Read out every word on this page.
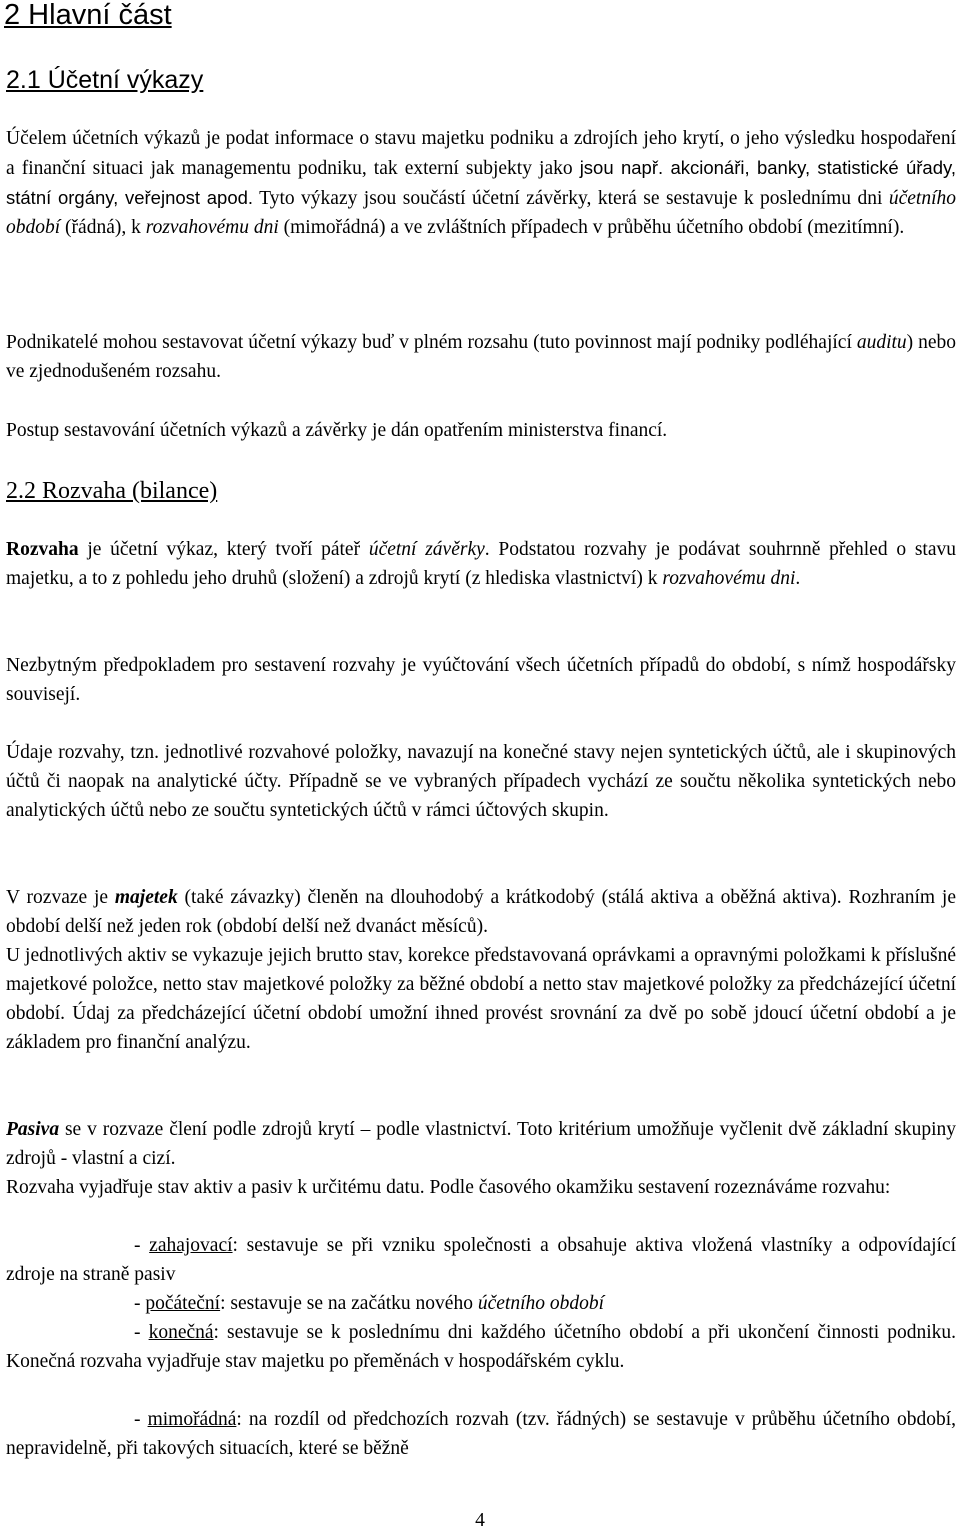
2 Hlavní část
2.1 Účetní výkazy
Účelem účetních výkazů je podat informace o stavu majetku podniku a zdrojích jeho krytí, o jeho výsledku hospodaření a finanční situaci jak managementu podniku, tak externí subjekty jako jsou např. akcionáři, banky, statistické úřady, státní orgány, veřejnost apod. Tyto výkazy jsou součástí účetní závěrky, která se sestavuje k poslednímu dni účetního období (řádná), k rozvahovému dni (mimořádná) a ve zvláštních případech v průběhu účetního období (mezitímní).
Podnikatelé mohou sestavovat účetní výkazy buď v plném rozsahu (tuto povinnost mají podniky podléhající auditu) nebo ve zjednodušeném rozsahu.
Postup sestavování účetních výkazů a závěrky je dán opatřením ministerstva financí.
2.2 Rozvaha (bilance)
Rozvaha je účetní výkaz, který tvoří páteř účetní závěrky. Podstatou rozvahy je podávat souhrnně přehled o stavu majetku, a to z pohledu jeho druhů (složení) a zdrojů krytí (z hlediska vlastnictví) k rozvahovému dni.
Nezbytným předpokladem pro sestavení rozvahy je vyúčtování všech účetních případů do období, s nímž hospodářsky souvisejí.
Údaje rozvahy, tzn. jednotlivé rozvahové položky, navazují na konečné stavy nejen syntetických účtů, ale i skupinových účtů či naopak na analytické účty. Případně se ve vybraných případech vychází ze součtu několika syntetických nebo analytických účtů nebo ze součtu syntetických účtů v rámci účtových skupin.
V rozvaze je majetek (také závazky) členěn na dlouhodobý a krátkodobý (stálá aktiva a oběžná aktiva). Rozhraním je období delší než jeden rok (období delší než dvanáct měsíců).
U jednotlivých aktiv se vykazuje jejich brutto stav, korekce představovaná oprávkami a opravnými položkami k příslušné majetkové položce, netto stav majetkové položky za běžné období a netto stav majetkové položky za předcházející účetní období. Údaj za předcházející účetní období umožní ihned provést srovnání za dvě po sobě jdoucí účetní období a je základem pro finanční analýzu.
Pasiva se v rozvaze člení podle zdrojů krytí – podle vlastnictví. Toto kritérium umožňuje vyčlenit dvě základní skupiny zdrojů - vlastní a cizí.
Rozvaha vyjadřuje stav aktiv a pasiv k určitému datu. Podle časového okamžiku sestavení rozeznáváme rozvahu:
- zahajovací: sestavuje se při vzniku společnosti a obsahuje aktiva vložená vlastníky a odpovídající zdroje na straně pasiv
- počáteční: sestavuje se na začátku nového účetního období
- konečná: sestavuje se k poslednímu dni každého účetního období a při ukončení činnosti podniku. Konečná rozvaha vyjadřuje stav majetku po přeměnách v hospodářském cyklu.
- mimořádná: na rozdíl od předchozích rozvah (tzv. řádných) se sestavuje v průběhu účetního období, nepravidelně, při takových situacích, které se běžně
4
